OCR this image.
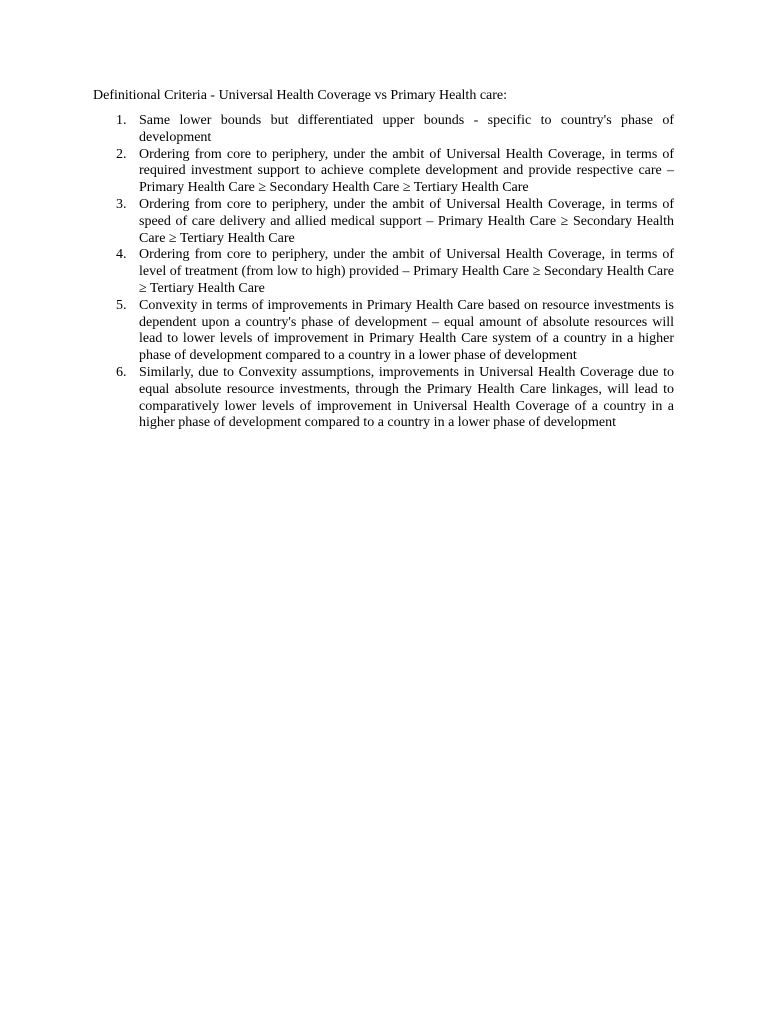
Definitional Criteria - Universal Health Coverage vs Primary Health care:
1. Same lower bounds but differentiated upper bounds - specific to country's phase of development
2. Ordering from core to periphery, under the ambit of Universal Health Coverage, in terms of required investment support to achieve complete development and provide respective care – Primary Health Care ≥ Secondary Health Care ≥ Tertiary Health Care
3. Ordering from core to periphery, under the ambit of Universal Health Coverage, in terms of speed of care delivery and allied medical support – Primary Health Care ≥ Secondary Health Care ≥ Tertiary Health Care
4. Ordering from core to periphery, under the ambit of Universal Health Coverage, in terms of level of treatment (from low to high) provided – Primary Health Care ≥ Secondary Health Care ≥ Tertiary Health Care
5. Convexity in terms of improvements in Primary Health Care based on resource investments is dependent upon a country's phase of development – equal amount of absolute resources will lead to lower levels of improvement in Primary Health Care system of a country in a higher phase of development compared to a country in a lower phase of development
6. Similarly, due to Convexity assumptions, improvements in Universal Health Coverage due to equal absolute resource investments, through the Primary Health Care linkages, will lead to comparatively lower levels of improvement in Universal Health Coverage of a country in a higher phase of development compared to a country in a lower phase of development
